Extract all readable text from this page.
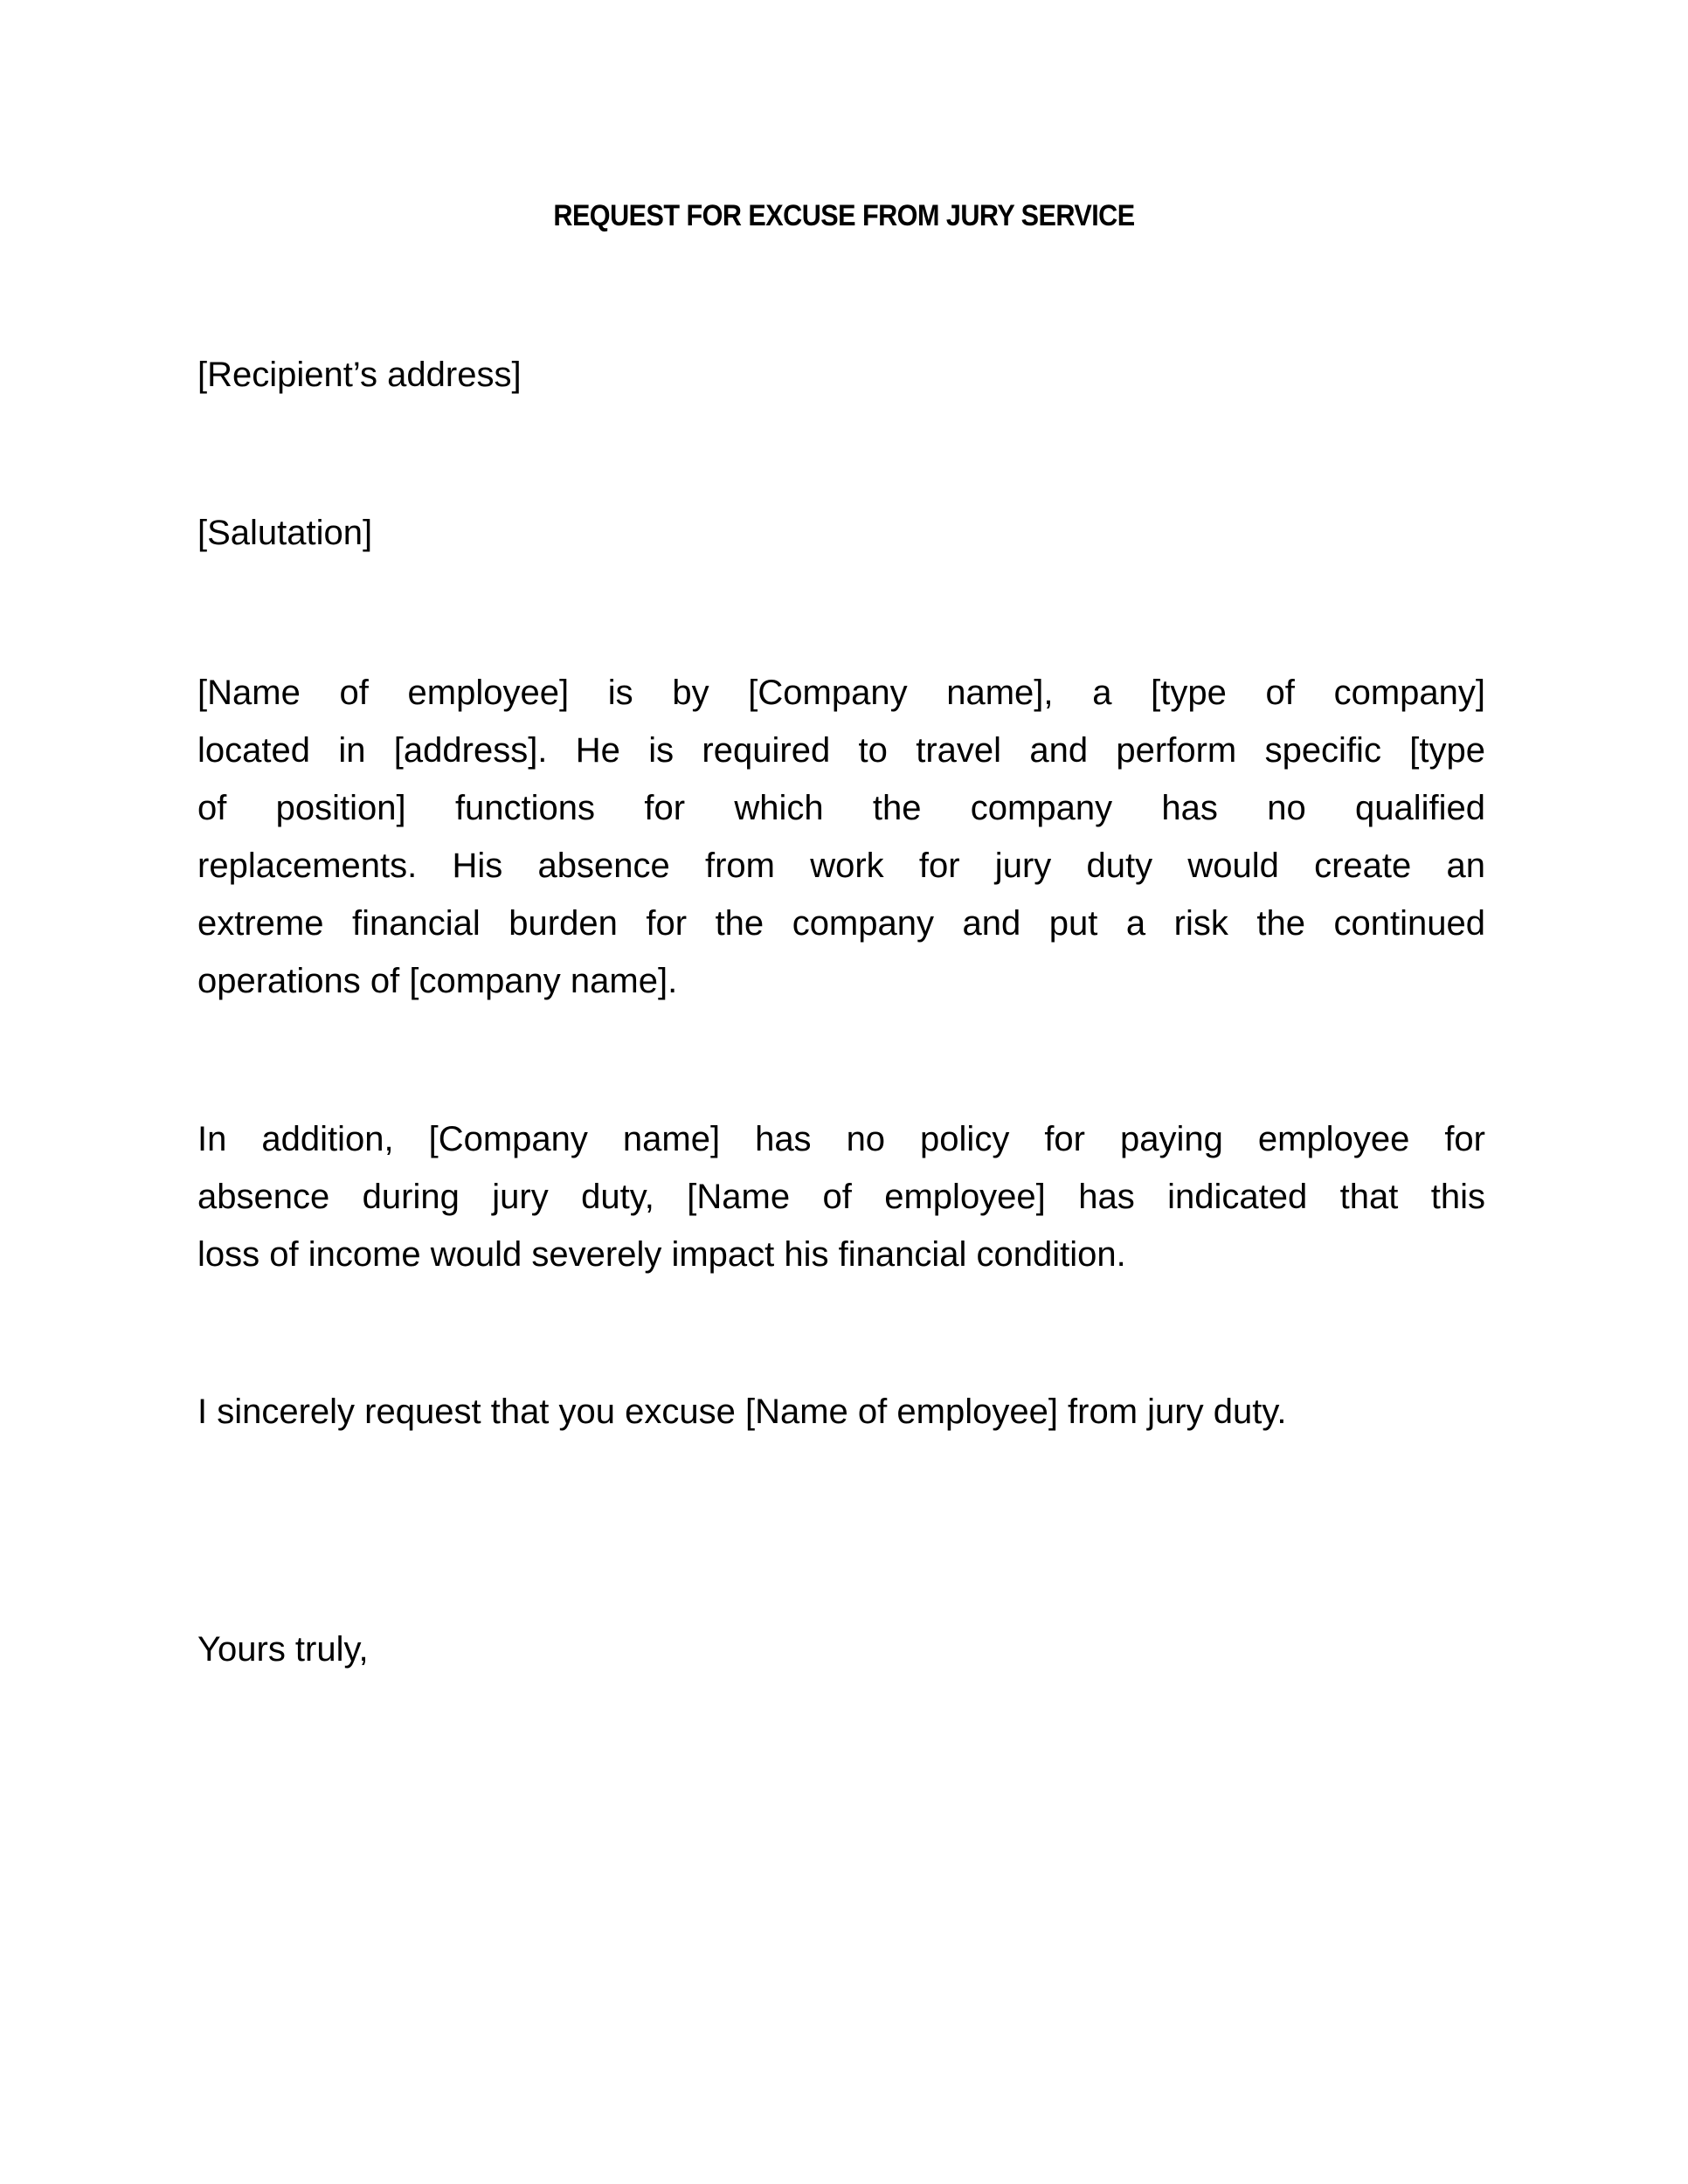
REQUEST FOR EXCUSE FROM JURY SERVICE
[Recipient’s address]
[Salutation]
[Name of employee] is by [Company name], a [type of company]
located in [address]. He is required to travel and perform specific [type
of position] functions for which the company has no qualified
replacements. His absence from work for jury duty would create an
extreme financial burden for the company and put a risk the continued
operations of [company name].
In addition, [Company name] has no policy for paying employee for
absence during jury duty, [Name of employee] has indicated that this
loss of income would severely impact his financial condition.
I sincerely request that you excuse [Name of employee] from jury duty.
Yours truly,
